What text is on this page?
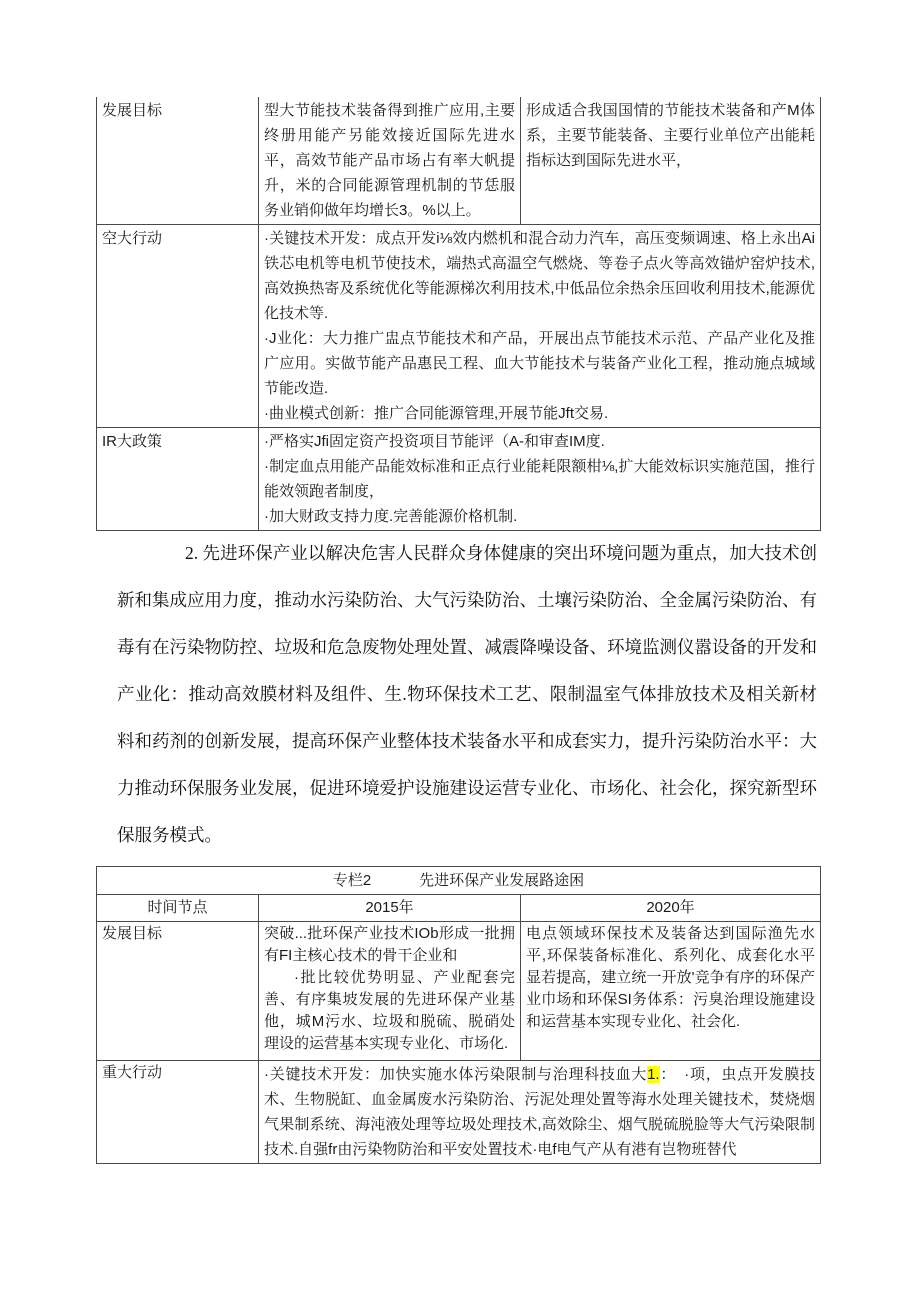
发展目标	型大节能技术装备得到推广应用,主要终册用能产另能效接近国际先进水平，高效节能产品市场占有率大帆提升，米的合同能源管理机制的节恁服务业销仰做年均增长3。%以上。	形成适合我国国情的节能技术装备和产M体系，主要节能装备、主要行业单位产出能耗指标达到国际先进水平，

空大行动	·关键技术开发：成点开发i⅛效内燃机和混合动力汽车，高压变频调速、格上永出Ai铁芯电机等电机节使技术，端热式高温空气燃烧、等卷子点火等高效锚炉窑炉技术,高效换热寄及系统优化等能源梯次利用技术,中低品位余热余压回收利用技术,能源优化技术等.

·J业化：大力推广盅点节能技术和产品，开展出点节能技术示范、产品产业化及推广应用。实做节能产品惠民工程、血大节能技术与装备产业化工程，推动施点城域节能改造.

·曲业模式创新：推广合同能源管理,开展节能Jft交易.	

IR大政策	·严格实Jfi固定资产投资项目节能评（A-和审查IM度.

·制定血点用能产品能效标准和正点行业能耗限额柑⅛,扩大能效标识实施范国，推行能效领跑者制度，

·加大财政支持力度.完善能源价格机制.	

2. 先进环保产业以解决危害人民群众身体健康的突出环境问题为重点，加大技术创新和集成应用力度，推动水污染防治、大气污染防治、土壤污染防治、全金属污染防治、有毒有在污染物防控、垃圾和危急废物处理处置、减震降噪设备、环境监测仪嚣设备的开发和产业化：推动高效膜材料及组件、生.物环保技术工艺、限制温室气体排放技术及相关新材料和药剂的创新发展，提高环保产业整体技术装备水平和成套实力，提升污染防治水平：大力推动环保服务业发展，促进环境爱护设施建设运营专业化、市场化、社会化，探究新型环保服务模式。
专栏2 先进环保产业发展路途困		
时间节点	2015年	2020年
发展目标	突破...批环保产业技术IOb形成一批拥有FI主核心技术的骨干企业和

·批比较优势明显、产业配套完善、有序集坡发展的先进环保产业基他，城M污水、垃圾和脱硫、脱硝处理设的运营基本实现专业化、市场化.	电点领域环保技术及装备达到国际渔先水平,环保装备标准化、系列化、成套化水平显若提高，建立统一开放'竞争有序的环保产业巾场和环保SI务体系：污臭治理设施建设和运营基本实现专业化、社会化.

重大行动	·关键技术开发：加快实施水体污染限制与治理科技血大1.：　·项，虫点开发膜技术、生物脱缸、血金属废水污染防治、污泥处理处置等海水处理关键技术，焚烧烟气果制系统、海沌液处理等垃圾处理技术,高效除尘、烟气脱硫脱脸等大气污染限制技术.自强fr由污染物防治和平安处置技术·电f电气产从有港有岂物班替代	
